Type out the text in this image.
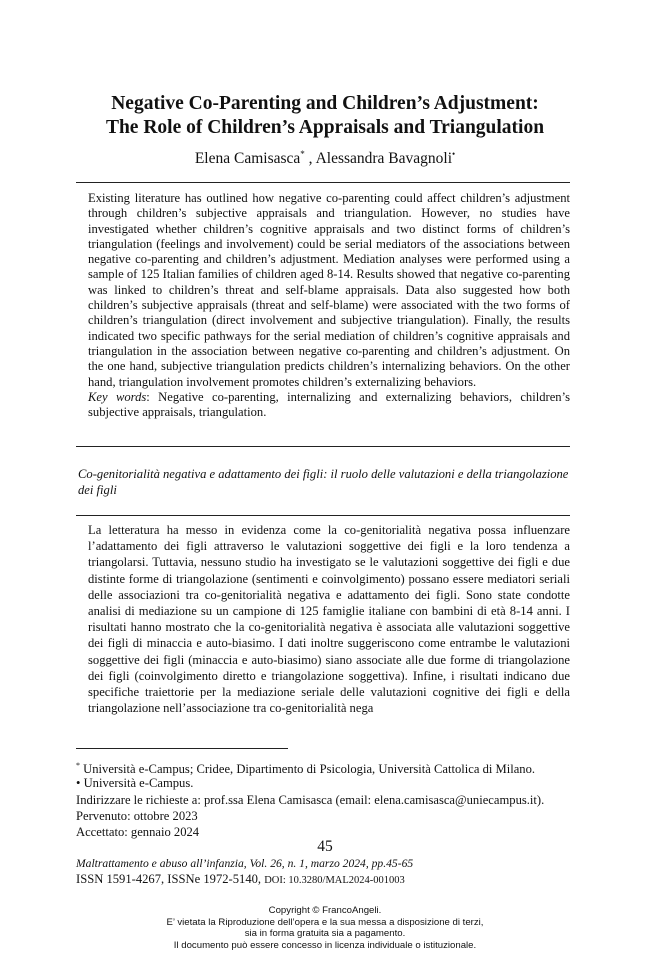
Negative Co-Parenting and Children’s Adjustment:
The Role of Children’s Appraisals and Triangulation
Elena Camisasca* , Alessandra Bavagnoli•

Existing literature has outlined how negative co-parenting could affect children’s adjustment through children’s subjective appraisals and triangulation. However, no studies have investigated whether children’s cognitive appraisals and two distinct forms of children’s triangulation (feelings and involvement) could be serial mediators of the associations between negative co-parenting and children’s adjustment. Mediation analyses were performed using a sample of 125 Italian families of children aged 8-14. Results showed that negative co-parenting was linked to children’s threat and self-blame appraisals. Data also suggested how both children’s subjective appraisals (threat and self-blame) were associated with the two forms of children’s triangulation (direct involvement and subjective triangulation). Finally, the results indicated two specific pathways for the serial mediation of children’s cognitive appraisals and triangulation in the association between negative co-parenting and children’s adjustment. On the one hand, subjective triangulation predicts children’s internalizing behaviors. On the other hand, triangulation involvement promotes children’s externalizing behaviors.

Key words: Negative co-parenting, internalizing and externalizing behaviors, children’s subjective appraisals, triangulation.

Co-genitorialità negativa e adattamento dei figli: il ruolo delle valutazioni e della triangolazione dei figli
La letteratura ha messo in evidenza come la co-genitorialità negativa possa influenzare l’adattamento dei figli attraverso le valutazioni soggettive dei figli e la loro tendenza a triangolarsi. Tuttavia, nessuno studio ha investigato se le valutazioni soggettive dei figli e due distinte forme di triangolazione (sentimenti e coinvolgimento) possano essere mediatori seriali delle associazioni tra co-genitorialità negativa e adattamento dei figli. Sono state condotte analisi di mediazione su un campione di 125 famiglie italiane con bambini di età 8-14 anni. I risultati hanno mostrato che la co-genitorialità negativa è associata alle valutazioni soggettive dei figli di minaccia e auto-biasimo. I dati inoltre suggeriscono come entrambe le valutazioni soggettive dei figli (minaccia e auto-biasimo) siano associate alle due forme di triangolazione dei figli (coinvolgimento diretto e triangolazione soggettiva). Infine, i risultati indicano due specifiche traiettorie per la mediazione seriale delle valutazioni cognitive dei figli e della triangolazione nell’associazione tra co-genitorialità nega
* Università e-Campus; Cridee, Dipartimento di Psicologia, Università Cattolica di Milano.
• Università e-Campus.
Indirizzare le richieste a: prof.ssa Elena Camisasca (email: elena.camisasca@uniecampus.it).
Pervenuto: ottobre 2023
Accettato: gennaio 2024
45
Maltrattamento e abuso all’infanzia, Vol. 26, n. 1, marzo 2024, pp.45-65
ISSN 1591-4267, ISSNe 1972-5140, DOI: 10.3280/MAL2024-001003
Copyright © FrancoAngeli.
E’ vietata la Riproduzione dell’opera e la sua messa a disposizione di terzi,
sia in forma gratuita sia a pagamento.
Il documento può essere concesso in licenza individuale o istituzionale.
